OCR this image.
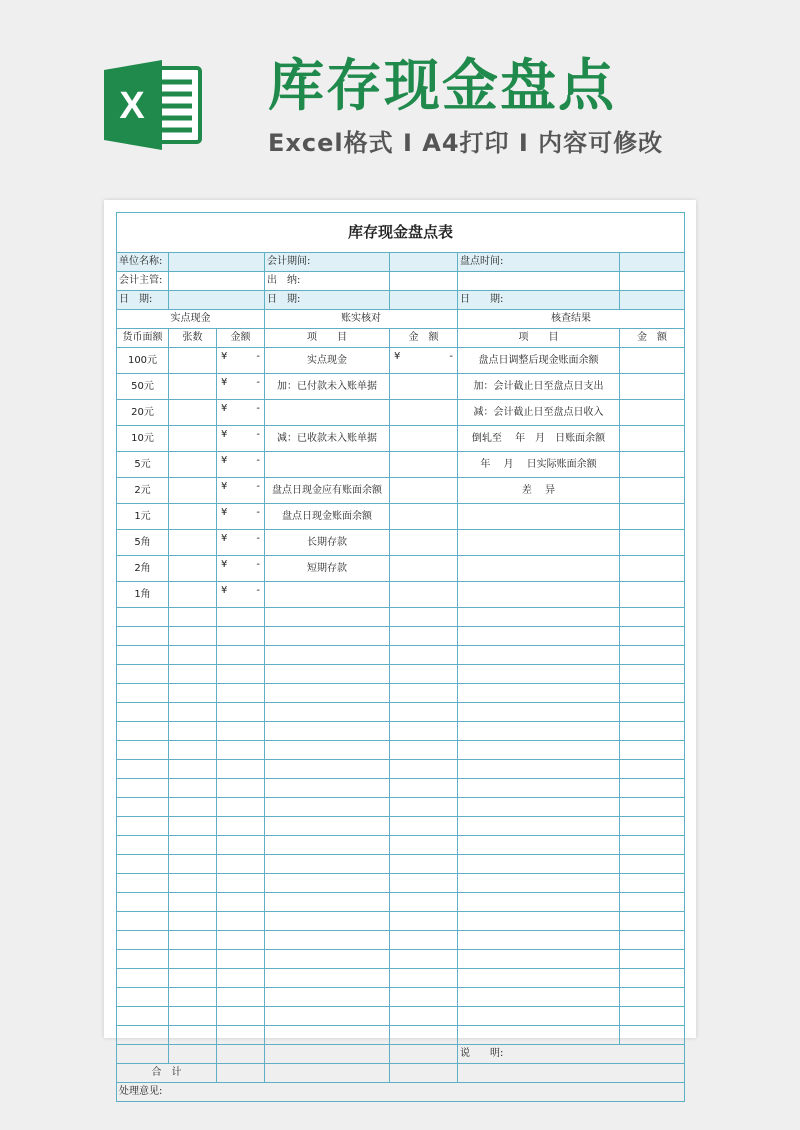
X 库存现金盘点
Excel格式 I A4打印 I 内容可修改
库存现金盘点表						
单位名称:			会计期间:		盘点时间:	
会计主管:			出　纳:			
日　期:			日　期:		日　　期:	
实点现金			账实核对		核查结果	
货币面额	张数	金额	项　　目	金　额	项　　目	金　额
100元		¥ -	实点现金	¥ -	盘点日调整后现金账面余额	
50元		¥ -	加：已付款未入账单据		加：会计截止日至盘点日支出	
20元		¥ -			减：会计截止日至盘点日收入	
10元		¥ -	减：已收款未入账单据		倒轧至　 年　月　日账面余额	
5元		¥ -			年　 月　 日实际账面余额	
2元		¥ -	盘点日现金应有账面余额		差　 异	
1元		¥ -	盘点日现金账面余额			
5角		¥ -	长期存款			
2角		¥ -	短期存款			
1角		¥ -				

					说　　明:	
合　计						
处理意见:						
